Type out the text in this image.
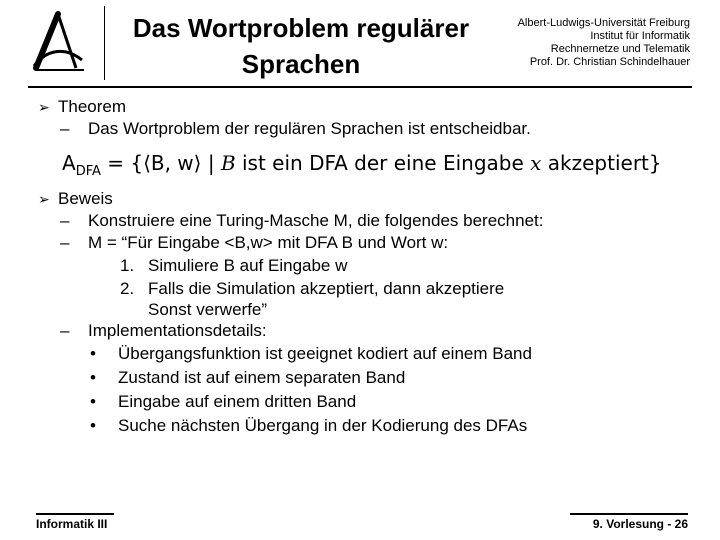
Das Wortproblem regulärer
Sprachen
Albert-Ludwigs-Universität Freiburg
Institut für Informatik
Rechnernetze und Telematik
Prof. Dr. Christian Schindelhauer
➢ Theorem
–	Das Wortproblem der regulären Sprachen ist entscheidbar.
$A_{DFA}$ = {⟨B, w⟩ | B ist ein DFA der eine Eingabe x akzeptiert}
➢ Beweis
–	Konstruiere eine Turing-Masche M, die folgendes berechnet:
–	M = “Für Eingabe <B,w> mit DFA B und Wort w:
1. Simuliere B auf Eingabe w
2. Falls die Simulation akzeptiert, dann akzeptiere
Sonst verwerfe”
–	Implementationsdetails:
•	Übergangsfunktion ist geeignet kodiert auf einem Band
•	Zustand ist auf einem separaten Band
•	Eingabe auf einem dritten Band
•	Suche nächsten Übergang in der Kodierung des DFAs
Informatik III	9. Vorlesung - 26
